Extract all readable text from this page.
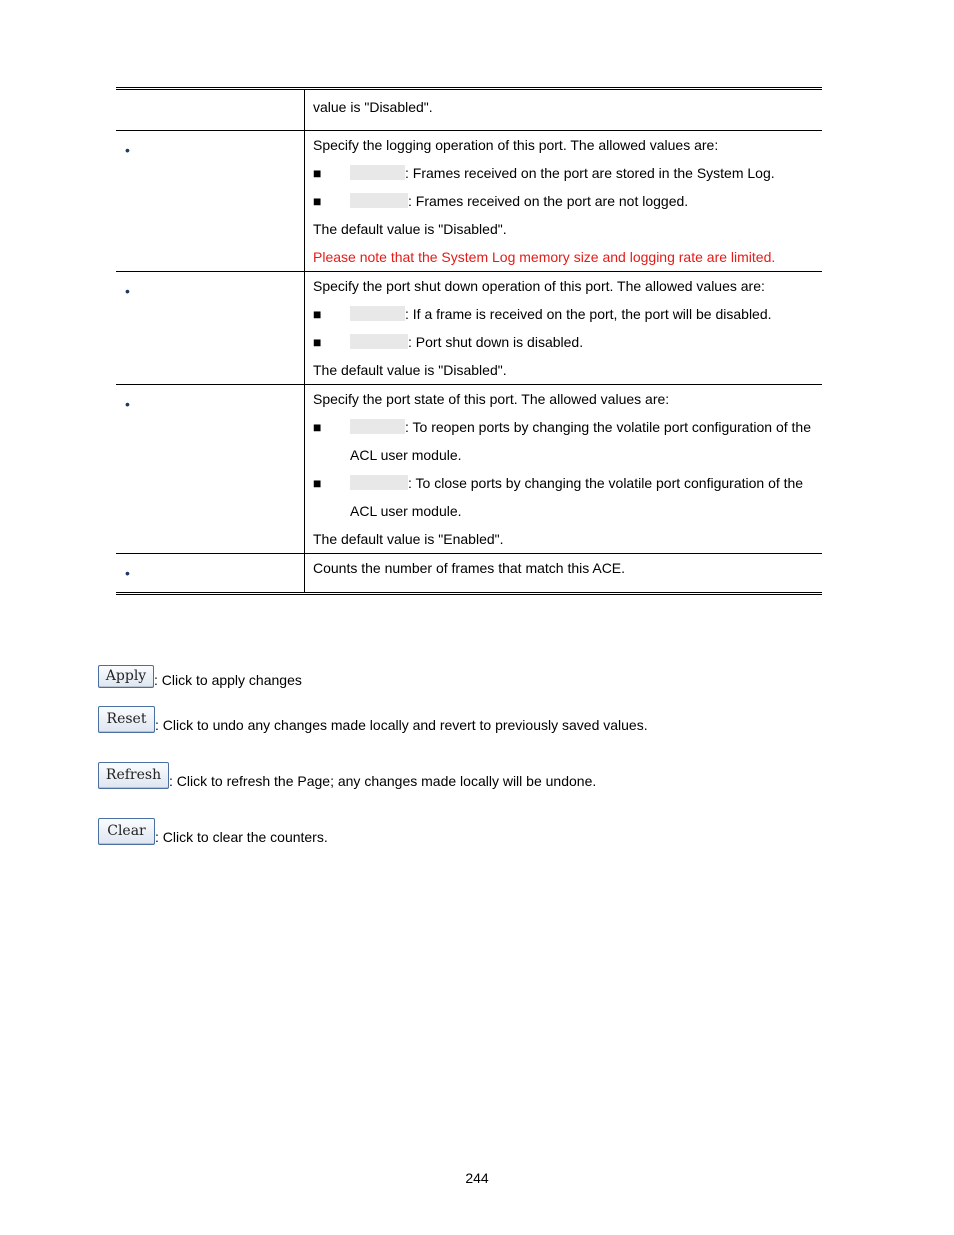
value is "Disabled".
•	Specify the logging operation of this port. The allowed values are:
■	: Frames received on the port are stored in the System Log.
■	: Frames received on the port are not logged.
The default value is "Disabled".
Please note that the System Log memory size and logging rate are limited.
•	Specify the port shut down operation of this port. The allowed values are:
■	: If a frame is received on the port, the port will be disabled.
■	: Port shut down is disabled.
The default value is "Disabled".
•	Specify the port state of this port. The allowed values are:
■	: To reopen ports by changing the volatile port configuration of the
ACL user module.
■	: To close ports by changing the volatile port configuration of the
ACL user module.
The default value is "Enabled".
•	Counts the number of frames that match this ACE.
Apply : Click to apply changes
Reset : Click to undo any changes made locally and revert to previously saved values.
Refresh : Click to refresh the Page; any changes made locally will be undone.
Clear : Click to clear the counters.
244
